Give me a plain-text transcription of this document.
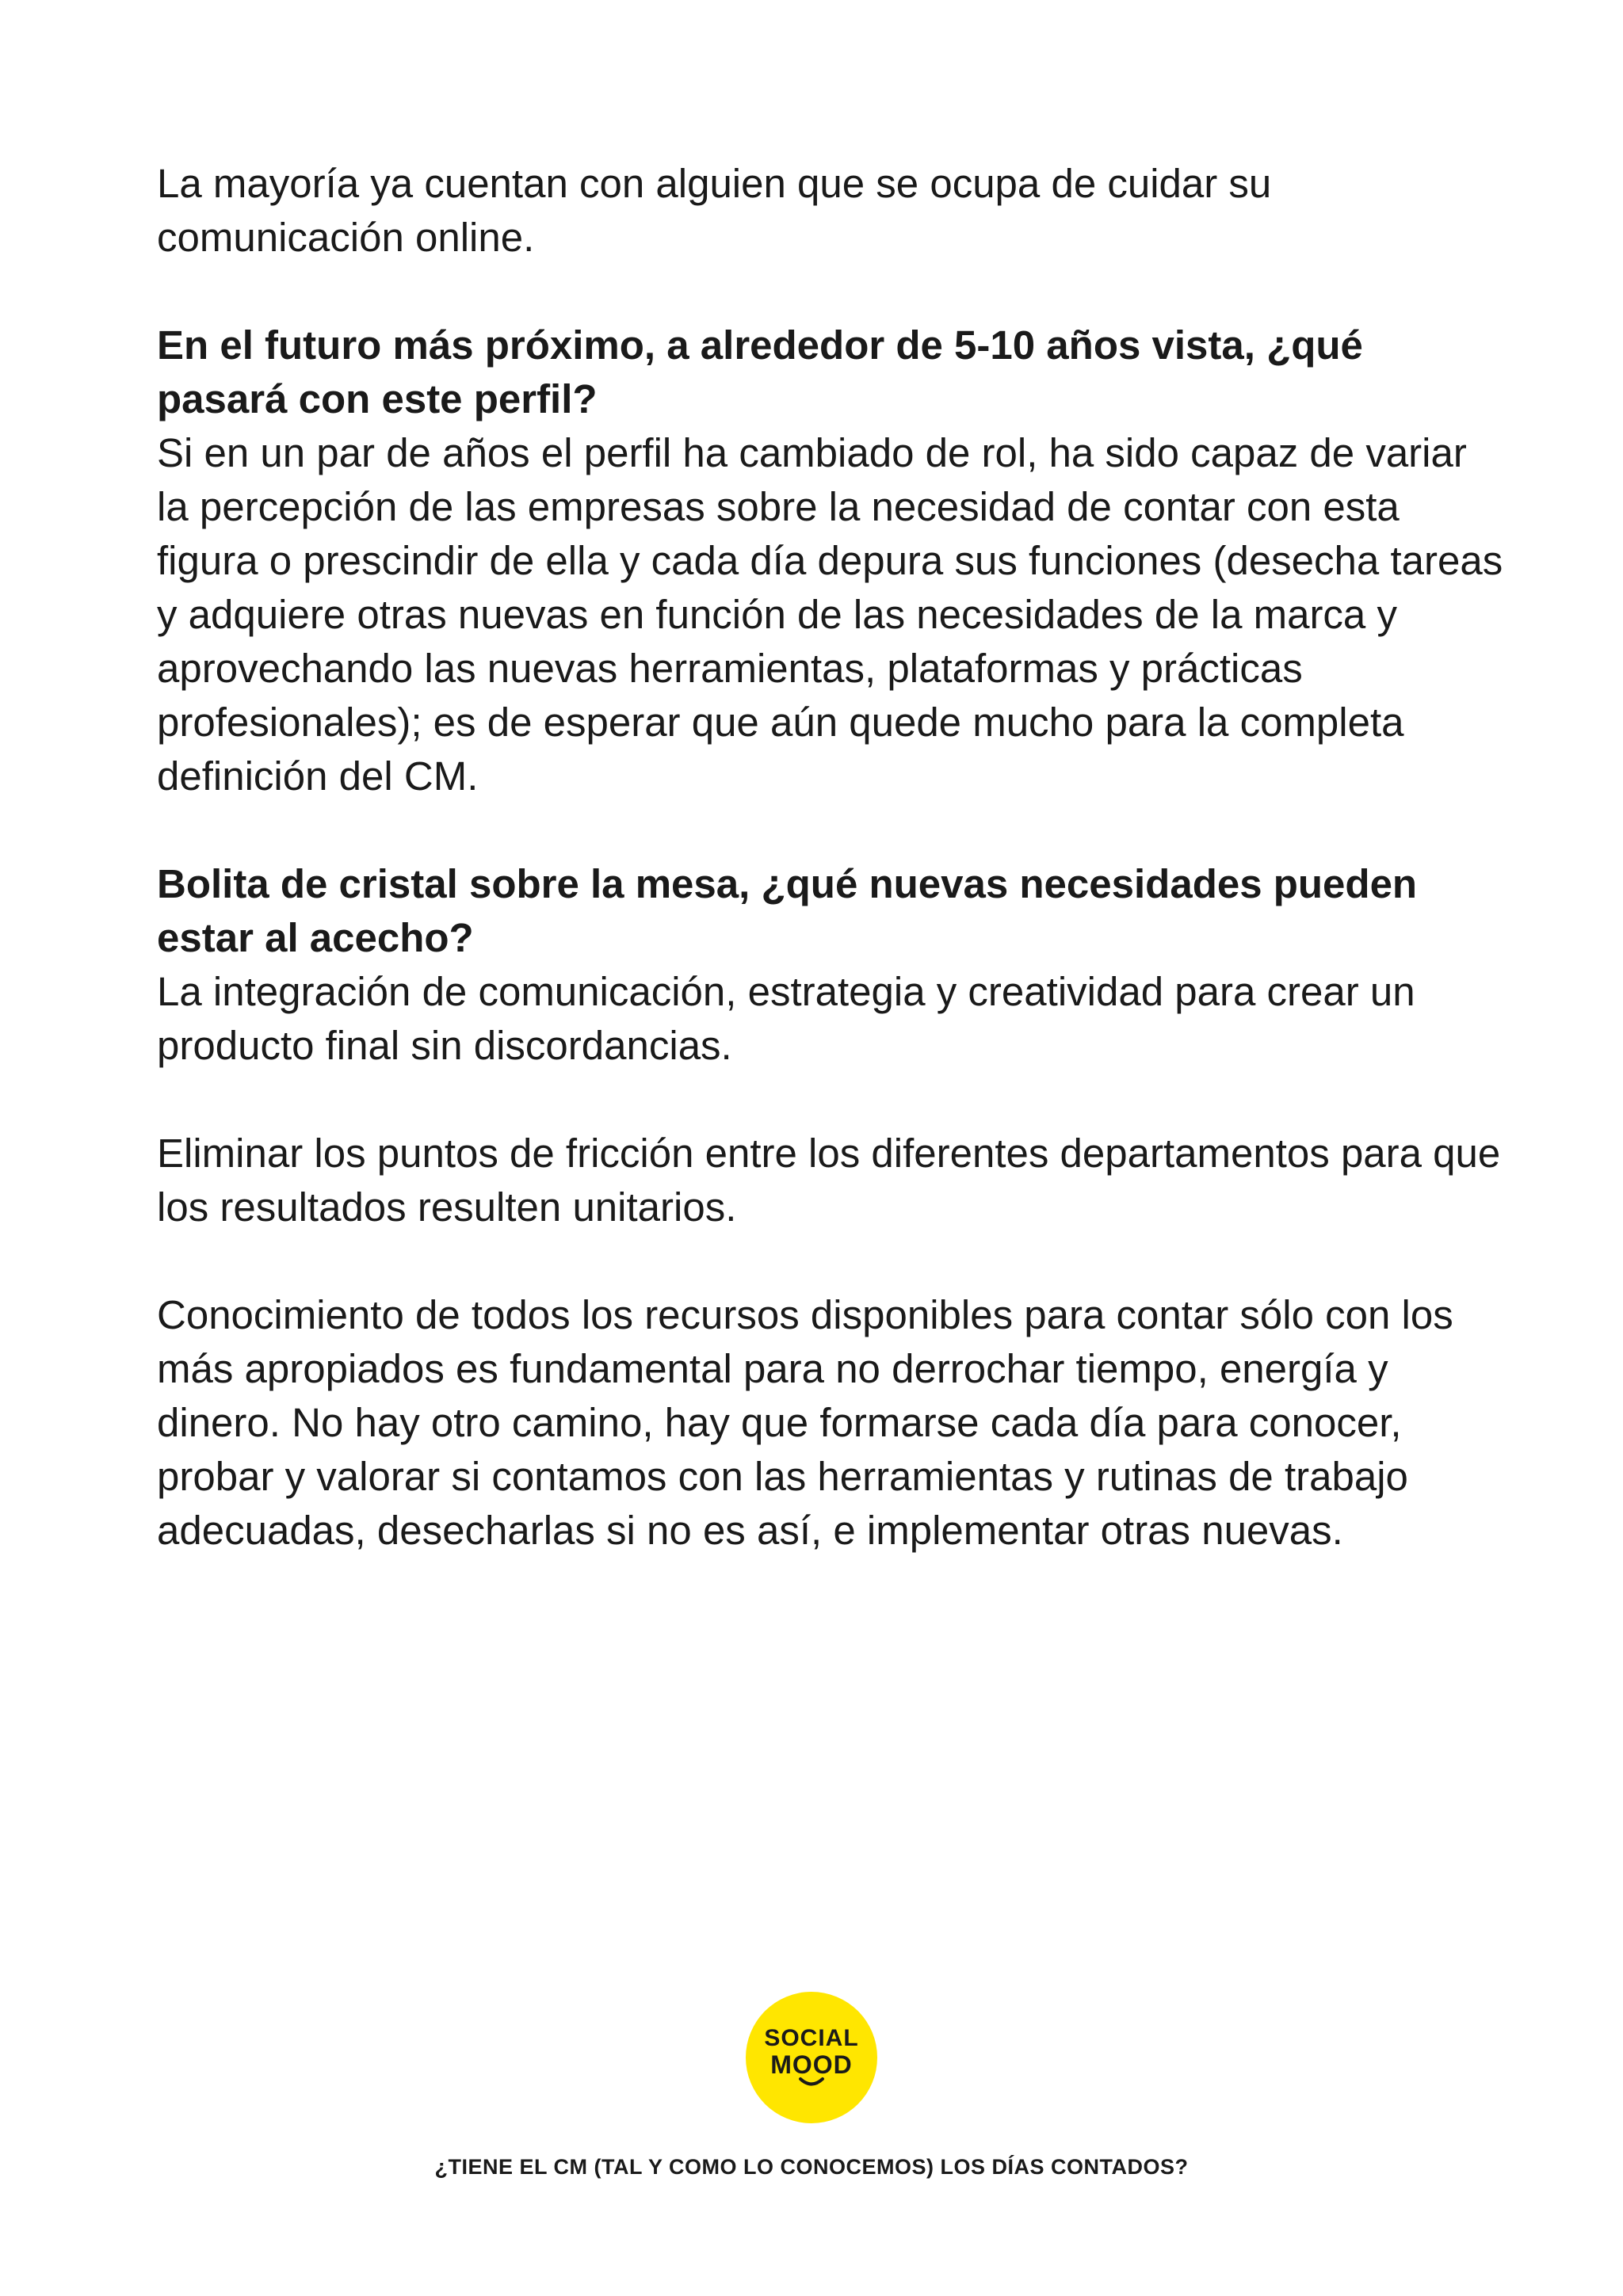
La mayoría ya cuentan con alguien que se ocupa de cuidar su comunicación online.

En el futuro más próximo, a alrededor de 5-10 años vista, ¿qué pasará con este perfil?

Si en un par de años el perfil ha cambiado de rol, ha sido capaz de variar la percepción de las empresas sobre la necesidad de contar con esta figura o prescindir de ella y cada día depura sus funciones (desecha tareas y adquiere otras nuevas en función de las necesidades de la marca y aprovechando las nuevas herramientas, plataformas y prácticas profesionales); es de esperar que aún quede mucho para la completa definición del CM.

Bolita de cristal sobre la mesa, ¿qué nuevas necesidades pueden estar al acecho?

La integración de comunicación, estrategia y creatividad para crear un producto final sin discordancias.

Eliminar los puntos de fricción entre los diferentes departamentos para que los resultados resulten unitarios.

Conocimiento de todos los recursos disponibles para contar sólo con los más apropiados es fundamental para no derrochar tiempo, energía y dinero. No hay otro camino, hay que formarse cada día para conocer, probar y valorar si contamos con las herramientas y rutinas de trabajo adecuadas, desecharlas si no es así, e implementar otras nuevas.

SOCIAL
MOOD
¿TIENE EL CM (TAL Y COMO LO CONOCEMOS) LOS DÍAS CONTADOS?
